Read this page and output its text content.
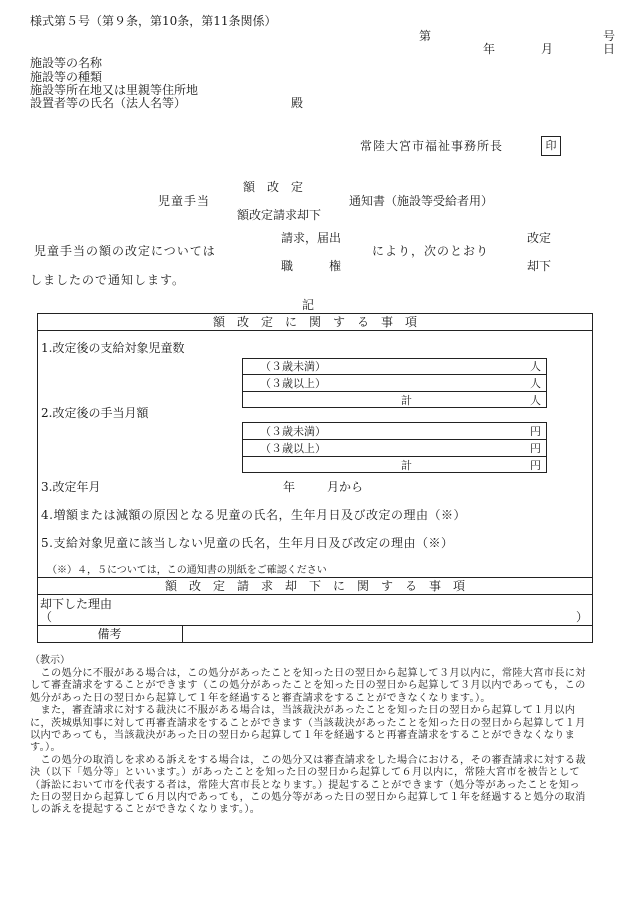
様式第５号（第９条，第10条，第11条関係）
第	号
年	月	日
施設等の名称
施設等の種類
施設等所在地又は里親等住所地
設置者等の氏名（法人名等）	殿
常陸大宮市福祉事務所長	印
額　改　定
児童手当	通知書（施設等受給者用）
額改定請求却下
請求，届出	改定
児童手当の額の改定については	により，次のとおり
職　　　権	却下
しましたので通知します。
記
額　改　定　に　関　す　る　事　項
1.改定後の支給対象児童数
（３歳未満）	人
（３歳以上）	人
計	人
2.改定後の手当月額
（３歳未満）	円
（３歳以上）	円
計	円
3.改定年月	年	月から
4.増額または減額の原因となる児童の氏名，生年月日及び改定の理由（※）
5.支給対象児童に該当しない児童の氏名，生年月日及び改定の理由（※）
（※）４，５については，この通知書の別紙をご確認ください
額　改　定　請　求　却　下　に　関　す　る　事　項
却下した理由
（	）
備考
（教示）

　この処分に不服がある場合は，この処分があったことを知った日の翌日から起算して３月以内に，常陸大宮市長に対して審査請求をすることができます（この処分があったことを知った日の翌日から起算して３月以内であっても，この処分があった日の翌日から起算して１年を経過すると審査請求をすることができなくなります。）。

　また，審査請求に対する裁決に不服がある場合は，当該裁決があったことを知った日の翌日から起算して１月以内に，茨城県知事に対して再審査請求をすることができます（当該裁決があったことを知った日の翌日から起算して１月以内であっても，当該裁決があった日の翌日から起算して１年を経過すると再審査請求をすることができなくなります。）。

　この処分の取消しを求める訴えをする場合は，この処分又は審査請求をした場合における，その審査請求に対する裁決（以下「処分等」といいます。）があったことを知った日の翌日から起算して６月以内に，常陸大宮市を被告として（訴訟において市を代表する者は，常陸大宮市長となります。）提起することができます（処分等があったことを知った日の翌日から起算して６月以内であっても，この処分等があった日の翌日から起算して１年を経過すると処分の取消しの訴えを提起することができなくなります。）。
